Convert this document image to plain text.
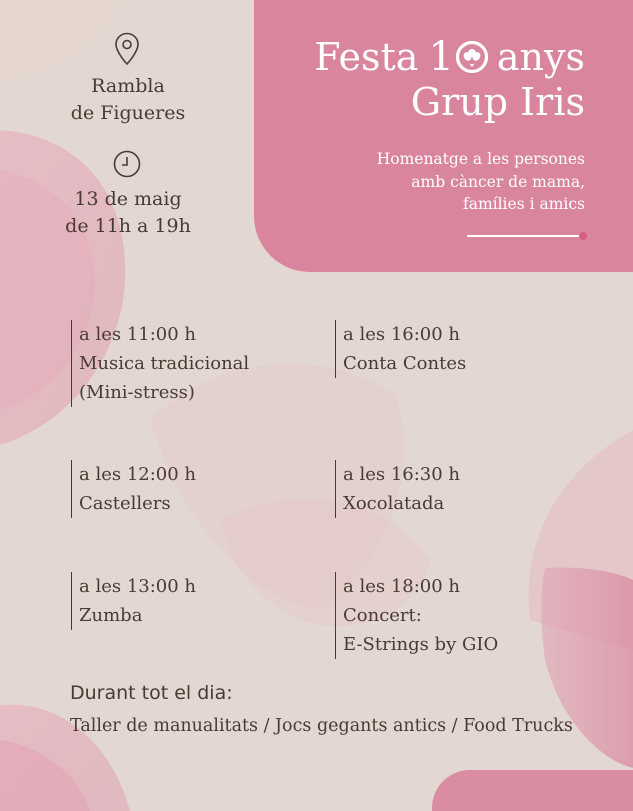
Rambla
de Figueres
13 de maig
de 11h a 19h
Festa 1 anys
Grup Iris
Homenatge a les persones
amb càncer de mama,
famílies i amics
a les 11:00 h
Musica tradicional
(Mini-stress)
a les 16:00 h
Conta Contes
a les 12:00 h
Castellers
a les 16:30 h
Xocolatada
a les 13:00 h
Zumba
a les 18:00 h
Concert:
E-Strings by GIO
Durant tot el dia:
Taller de manualitats / Jocs gegants antics / Food Trucks
